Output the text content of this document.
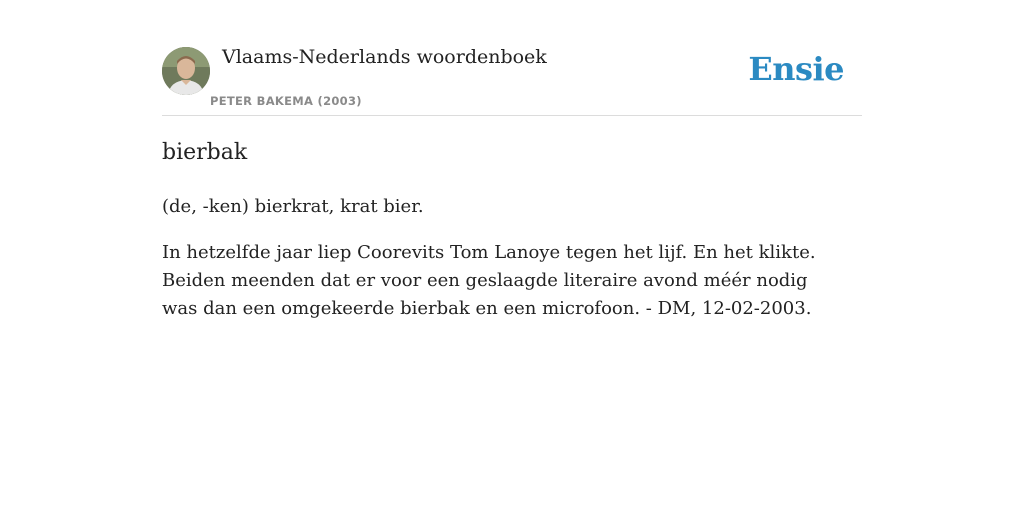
Vlaams-Nederlands woordenboek
PETER BAKEMA (2003)
Ensie
bierbak

(de, -ken) bierkrat, krat bier.

In hetzelfde jaar liep Coorevits Tom Lanoye tegen het lijf. En het klikte. Beiden meenden dat er voor een geslaagde literaire avond méér nodig was dan een omgekeerde bierbak en een microfoon. - DM, 12-02-2003.
